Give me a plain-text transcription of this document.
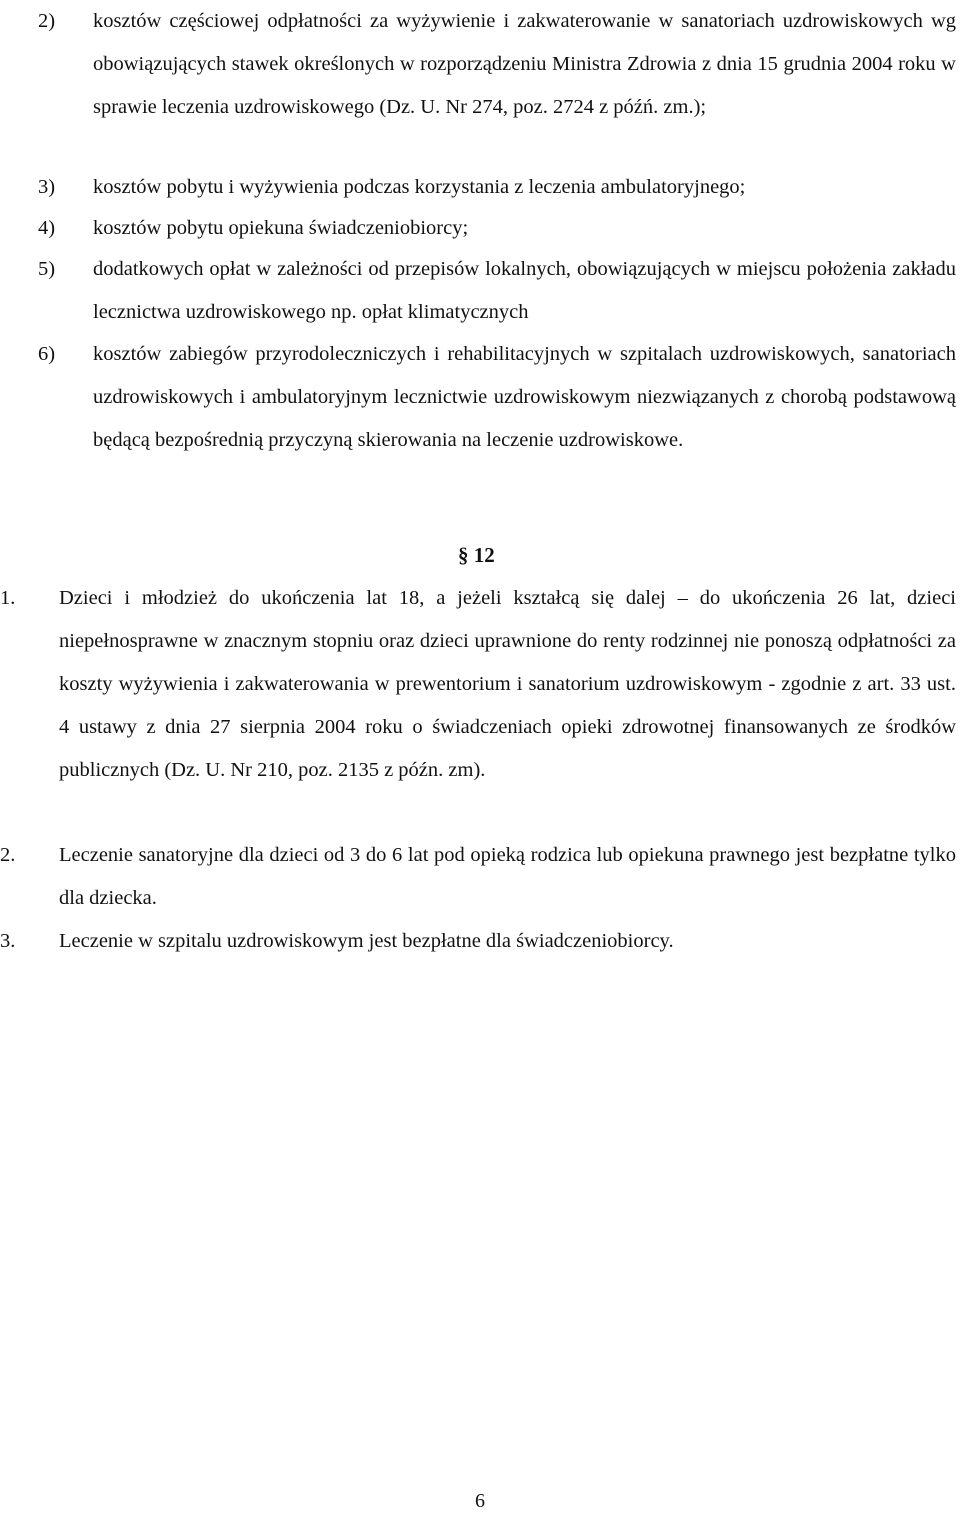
2) kosztów częściowej odpłatności za wyżywienie i zakwaterowanie w sanatoriach uzdrowiskowych wg obowiązujących stawek określonych w rozporządzeniu Ministra Zdrowia z dnia 15 grudnia 2004 roku w sprawie leczenia uzdrowiskowego (Dz. U. Nr 274, poz. 2724 z późń. zm.);
3) kosztów pobytu i wyżywienia podczas korzystania z leczenia ambulatoryjnego;
4) kosztów pobytu opiekuna świadczeniobiorcy;
5) dodatkowych opłat w zależności od przepisów lokalnych, obowiązujących w miejscu położenia zakładu lecznictwa uzdrowiskowego np. opłat klimatycznych
6) kosztów zabiegów przyrodoleczniczych i rehabilitacyjnych w szpitalach uzdrowiskowych, sanatoriach uzdrowiskowych i ambulatoryjnym lecznictwie uzdrowiskowym niezwiązanych z chorobą podstawową będącą bezpośrednią przyczyną skierowania na leczenie uzdrowiskowe.
§ 12
1. Dzieci i młodzież do ukończenia lat 18, a jeżeli kształcą się dalej – do ukończenia 26 lat, dzieci niepełnosprawne w znacznym stopniu oraz dzieci uprawnione do renty rodzinnej nie ponoszą odpłatności za koszty wyżywienia i zakwaterowania w prewentorium i sanatorium uzdrowiskowym - zgodnie z art. 33 ust. 4 ustawy z dnia 27 sierpnia 2004 roku o świadczeniach opieki zdrowotnej finansowanych ze środków publicznych (Dz. U. Nr 210, poz. 2135 z późn. zm).
2. Leczenie sanatoryjne dla dzieci od 3 do 6 lat pod opieką rodzica lub opiekuna prawnego jest bezpłatne tylko dla dziecka.
3. Leczenie w szpitalu uzdrowiskowym jest bezpłatne dla świadczeniobiorcy.
6
